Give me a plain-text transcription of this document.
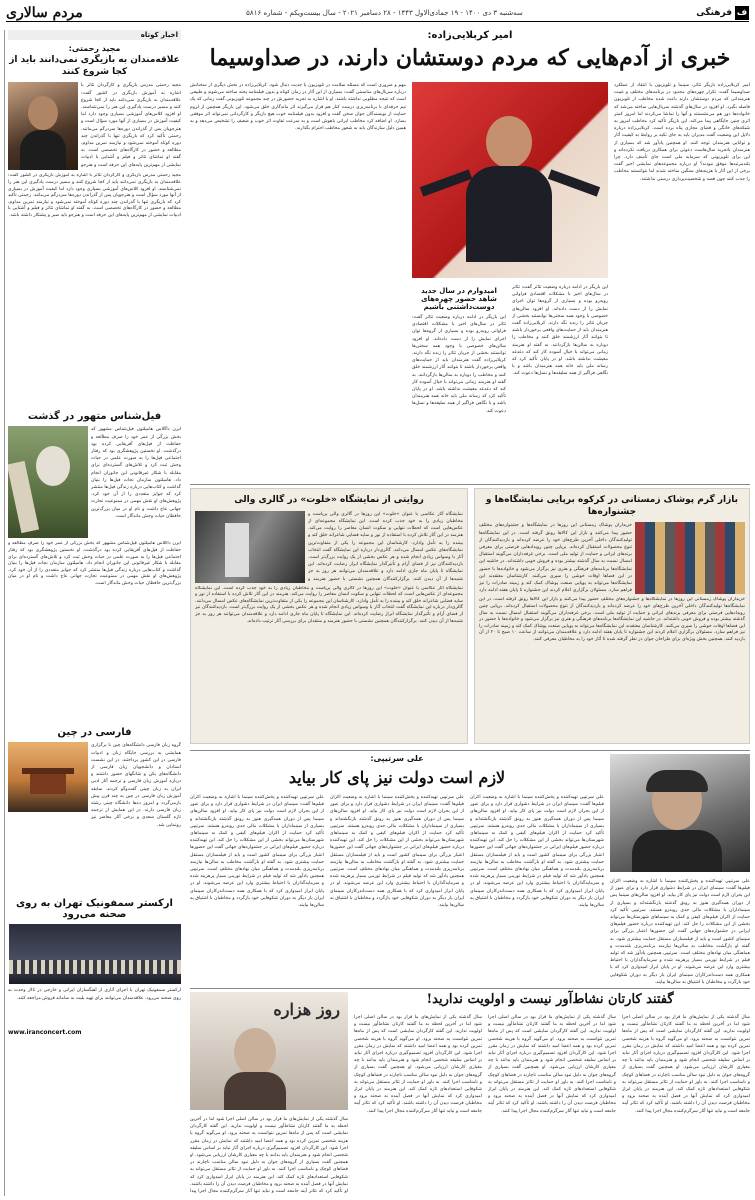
ف
فرهنگی
سه‌شنبه ۳ دی ۱۴۰۰ - ۱۹ جمادی‌الاول ۱۴۴۳ - ۲۸ دسامبر ۲۰۲۱ - سال بیست‌ویکم - شماره ۵۸۱۶
مردم سالاری
اخبار کوتاه
مجید رحمتی:
علاقه‌مندان به بازیگری نمی‌دانند باید از کجا شروع کنند
مجید رحمتی مدرس بازیگری و کارگردان تئاتر با اشاره به آموزش بازیگری در کشور گفت: علاقه‌مندان به بازیگری نمی‌دانند باید از کجا شروع کنند و مسیر درست یادگیری این هنر را نمی‌شناسند. او افزود کلاس‌های آموزشی بسیاری وجود دارد اما کیفیت آموزش در بسیاری از آنها مورد سؤال است و هنرجویان پس از گذراندن دوره‌ها سردرگم می‌مانند. رحمتی تأکید کرد که بازیگری تنها با گذراندن چند دوره کوتاه آموخته نمی‌شود و نیازمند تمرین مداوم، مطالعه و حضور در کارگاه‌های تخصصی است. به گفته او تماشای تئاتر و فیلم و آشنایی با ادبیات نمایشی از مهم‌ترین پایه‌های این حرفه است و هنرجو
مجید رحمتی مدرس بازیگری و کارگردان تئاتر با اشاره به آموزش بازیگری در کشور گفت: علاقه‌مندان به بازیگری نمی‌دانند باید از کجا شروع کنند و مسیر درست یادگیری این هنر را نمی‌شناسند. او افزود کلاس‌های آموزشی بسیاری وجود دارد اما کیفیت آموزش در بسیاری از آنها مورد سؤال است و هنرجویان پس از گذراندن دوره‌ها سردرگم می‌مانند. رحمتی تأکید کرد که بازیگری تنها با گذراندن چند دوره کوتاه آموخته نمی‌شود و نیازمند تمرین مداوم، مطالعه و حضور در کارگاه‌های تخصصی است. به گفته او تماشای تئاتر و فیلم و آشنایی با ادبیات نمایشی از مهم‌ترین پایه‌های این حرفه است و هنرجو باید صبر و پشتکار داشته باشد.
فیل‌شناس متهور در گذشت
ایرن داگلاس هامیلتون فیل‌شناس مشهور که بخش بزرگی از عمر خود را صرف مطالعه و حفاظت از فیل‌های آفریقایی کرده بود درگذشت. او نخستین پژوهشگری بود که رفتار اجتماعی فیل‌ها را به صورت علمی در حیات وحش ثبت کرد و تلاش‌های گسترده‌ای برای مقابله با شکار غیرقانونی این جانوران انجام داد. هامیلتون سازمان نجات فیل‌ها را بنیان گذاشت و کتاب‌هایی درباره زندگی فیل‌ها منتشر کرد که جوایز متعددی را از آن خود کرد. پژوهش‌های او نقش مهمی در ممنوعیت تجارت جهانی عاج داشت و نام او در میان بزرگ‌ترین حافظان حیات وحش ماندگار است.
ایرن داگلاس هامیلتون فیل‌شناس مشهور که بخش بزرگی از عمر خود را صرف مطالعه و حفاظت از فیل‌های آفریقایی کرده بود درگذشت. او نخستین پژوهشگری بود که رفتار اجتماعی فیل‌ها را به صورت علمی در حیات وحش ثبت کرد و تلاش‌های گسترده‌ای برای مقابله با شکار غیرقانونی این جانوران انجام داد. هامیلتون سازمان نجات فیل‌ها را بنیان گذاشت و کتاب‌هایی درباره زندگی فیل‌ها منتشر کرد که جوایز متعددی را از آن خود کرد. پژوهش‌های او نقش مهمی در ممنوعیت تجارت جهانی عاج داشت و نام او در میان بزرگ‌ترین حافظان حیات وحش ماندگار است.
فارسی در چین
گروه زبان فارسی دانشگاه‌های چین با برگزاری همایشی به بررسی جایگاه زبان و ادبیات فارسی در این کشور پرداختند. در این نشست استادان و دانشجویان زبان فارسی از دانشگاه‌های پکن و شانگهای حضور داشتند و درباره آموزش زبان فارسی و ترجمه آثار ادبی ایران به زبان چینی گفت‌وگو کردند. سابقه آموزش زبان فارسی در چین به چند قرن پیش بازمی‌گردد و امروز ده‌ها دانشگاه چینی رشته زبان فارسی دارند. در این همایش از ترجمه تازه گلستان سعدی و برخی آثار معاصر نیز رونمایی شد.
ارکستر سمفونیک تهران به روی صحنه می‌رود
ارکستر سمفونیک تهران با اجرای آثاری از آهنگسازان ایرانی و خارجی در تالار وحدت به روی صحنه می‌رود. علاقه‌مندان می‌توانند برای تهیه بلیت به سامانه فروش مراجعه کنند.
www.iranconcert.com
امیر کربلایی‌زاده:
خبری از آدم‌هایی که مردم دوستشان دارند، در صداوسیما
امیر کربلایی‌زاده بازیگر تئاتر، سینما و تلویزیون با انتقاد از عملکرد صداوسیما گفت: تکرار چهره‌های محدود در برنامه‌های مختلف و غیبت هنرمندانی که مردم دوستشان دارند باعث شده مخاطب از تلویزیون فاصله بگیرد. او افزود در سال‌های گذشته سریال‌هایی ساخته می‌شد که خانواده‌ها دور هم می‌نشستند و آنها را تماشا می‌کردند اما امروز کمتر اثری چنین جایگاهی پیدا می‌کند. این بازیگر تأکید کرد مخاطب امروز به شبکه‌های خانگی و فضای مجازی پناه برده است. کربلایی‌زاده درباره دلایل این وضعیت گفت مدیران باید به جای تکیه بر روابط به کیفیت آثار و توانایی هنرمندان توجه کنند. او همچنین یادآور شد که بسیاری از هنرمندان باتجربه سال‌هاست دعوتی برای همکاری دریافت نکرده‌اند و این برای تلویزیونی که سرمایه ملی است جای تأسف دارد. چرا بلندمرتبه‌ها موفق نبودند؟ او درباره مجموعه‌های نمایشی اخیر گفت برخی از این آثار با هزینه‌های سنگین ساخته شدند اما نتوانستند مخاطب را جذب کنند چون قصه و شخصیت‌پردازی درستی نداشتند.
این بازیگر در ادامه درباره وضعیت تئاتر گفت: تئاتر در سال‌های اخیر با مشکلات اقتصادی فراوانی روبه‌رو بوده و بسیاری از گروه‌ها توان اجرای نمایش را از دست داده‌اند. او افزود سالن‌های خصوصی با وجود همه سختی‌ها توانستند بخشی از جریان تئاتر را زنده نگه دارند. کربلایی‌زاده گفت هنرمندان باید از حمایت‌های واقعی برخوردار باشند تا بتوانند آثار ارزشمند خلق کنند و مخاطب را دوباره به سالن‌ها بازگردانند. به گفته او هنرمند زمانی می‌تواند با خیال آسوده کار کند که دغدغه معیشت نداشته باشد. او در پایان تأکید کرد که رسانه ملی باید خانه همه هنرمندان باشد و با نگاهی فراگیر از همه سلیقه‌ها و نسل‌ها دعوت کند.
امیدوارم در سال جدید شاهد حضور چهره‌های دوست‌داشتنی باشیم
این بازیگر در ادامه درباره وضعیت تئاتر گفت: تئاتر در سال‌های اخیر با مشکلات اقتصادی فراوانی روبه‌رو بوده و بسیاری از گروه‌ها توان اجرای نمایش را از دست داده‌اند. او افزود سالن‌های خصوصی با وجود همه سختی‌ها توانستند بخشی از جریان تئاتر را زنده نگه دارند. کربلایی‌زاده گفت هنرمندان باید از حمایت‌های واقعی برخوردار باشند تا بتوانند آثار ارزشمند خلق کنند و مخاطب را دوباره به سالن‌ها بازگردانند. به گفته او هنرمند زمانی می‌تواند با خیال آسوده کار کند که دغدغه معیشت نداشته باشد. او در پایان تأکید کرد که رسانه ملی باید خانه همه هنرمندان باشد و با نگاهی فراگیر از همه سلیقه‌ها و نسل‌ها دعوت کند.
مهم و ضروری است که مسئله سلامت در تلویزیون با جدیت دنبال شود. کربلایی‌زاده در بخش دیگری از سخنانش درباره سریال‌های مناسبتی گفت: بسیاری از این آثار در زمان کوتاه و بدون فیلمنامه پخته ساخته می‌شوند و طبیعی است که نتیجه مطلوبی نداشته باشند. او با اشاره به تجربه حضورش در چند مجموعه تلویزیونی گفت زمانی که یک تیم حرفه‌ای با برنامه‌ریزی درست کنار هم قرار می‌گیرند اثر ماندگاری خلق می‌شود. این بازیگر همچنین از لزوم حمایت از نویسندگان جوان سخن گفت و افزود بدون فیلمنامه خوب هیچ بازیگر و کارگردانی نمی‌تواند اثر موفقی بسازد. او اضافه کرد مخاطب ایرانی باهوش است و به سرعت تفاوت اثر خوب و ضعیف را تشخیص می‌دهد و به همین دلیل سازندگان باید به شعور مخاطب احترام بگذارند.
بازار گرم پوشاک زمستانی در کرکوه برپایی نمایشگاه‌ها و جشنواره‌ها
خریداران پوشاک زمستانی این روزها در نمایشگاه‌ها و جشنواره‌های مختلف حضور پیدا می‌کنند و بازار این کالاها رونق گرفته است. در این نمایشگاه‌ها تولیدکنندگان داخلی آخرین طرح‌های خود را عرضه کرده‌اند و بازدیدکنندگان از تنوع محصولات استقبال کرده‌اند. برپایی چنین رویدادهایی فرصتی برای معرفی برندهای ایرانی و حمایت از تولید ملی است. برخی غرفه‌داران می‌گویند استقبال امسال نسبت به سال گذشته بیشتر بوده و فروش خوبی داشته‌اند. در حاشیه این نمایشگاه‌ها برنامه‌های فرهنگی و هنری نیز برگزار می‌شود و خانواده‌ها با حضور در این فضاها اوقات خوشی را سپری می‌کنند. کارشناسان معتقدند این نمایشگاه‌ها می‌تواند به پویایی صنعت پوشاک کمک کند و زمینه صادرات را نیز فراهم سازد. مسئولان برگزاری اعلام کردند این جشنواره تا پایان هفته ادامه دارد
خریداران پوشاک زمستانی این روزها در نمایشگاه‌ها و جشنواره‌های مختلف حضور پیدا می‌کنند و بازار این کالاها رونق گرفته است. در این نمایشگاه‌ها تولیدکنندگان داخلی آخرین طرح‌های خود را عرضه کرده‌اند و بازدیدکنندگان از تنوع محصولات استقبال کرده‌اند. برپایی چنین رویدادهایی فرصتی برای معرفی برندهای ایرانی و حمایت از تولید ملی است. برخی غرفه‌داران می‌گویند استقبال امسال نسبت به سال گذشته بیشتر بوده و فروش خوبی داشته‌اند. در حاشیه این نمایشگاه‌ها برنامه‌های فرهنگی و هنری نیز برگزار می‌شود و خانواده‌ها با حضور در این فضاها اوقات خوشی را سپری می‌کنند. کارشناسان معتقدند این نمایشگاه‌ها می‌تواند به پویایی صنعت پوشاک کمک کند و زمینه صادرات را نیز فراهم سازد. مسئولان برگزاری اعلام کردند این جشنواره تا پایان هفته ادامه دارد و علاقه‌مندان می‌توانند از ساعت ۱۰ صبح تا ۲۰ از آن بازدید کنند. همچنین بخش ویژه‌ای برای طراحان جوان در نظر گرفته شده تا آثار خود را به مخاطبان معرفی کنند.
روایتی از نمایشگاه «خلوت» در گالری والی
نمایشگاه آثار عکاسی با عنوان «خلوت» این روزها در گالری والی برپاست و مخاطبان زیادی را به خود جذب کرده است. این نمایشگاه مجموعه‌ای از عکس‌هایی است که لحظات تنهایی و سکوت انسان معاصر را روایت می‌کند. هنرمند در این آثار تلاش کرده با استفاده از نور و سایه فضایی شاعرانه خلق کند و بیننده را به تأمل وادارد. کارشناسان این مجموعه را یکی از متفاوت‌ترین نمایشگاه‌های عکس امسال می‌دانند. گالری‌دار درباره این نمایشگاه گفت انتخاب آثار با وسواس زیادی انجام شده و هر عکس بخشی از یک روایت بزرگ‌تر است. بازدیدکنندگان نیز از فضای آرام و تأثیرگذار نمایشگاه ابراز رضایت کرده‌اند. این نمایشگاه تا پایان ماه جاری ادامه دارد و علاقه‌مندان می‌توانند هر روز به جز شنبه‌ها از آن دیدن کنند. برگزارکنندگان همچنین نشستی با حضور هنرمند و
نمایشگاه آثار عکاسی با عنوان «خلوت» این روزها در گالری والی برپاست و مخاطبان زیادی را به خود جذب کرده است. این نمایشگاه مجموعه‌ای از عکس‌هایی است که لحظات تنهایی و سکوت انسان معاصر را روایت می‌کند. هنرمند در این آثار تلاش کرده با استفاده از نور و سایه فضایی شاعرانه خلق کند و بیننده را به تأمل وادارد. کارشناسان این مجموعه را یکی از متفاوت‌ترین نمایشگاه‌های عکس امسال می‌دانند. گالری‌دار درباره این نمایشگاه گفت انتخاب آثار با وسواس زیادی انجام شده و هر عکس بخشی از یک روایت بزرگ‌تر است. بازدیدکنندگان نیز از فضای آرام و تأثیرگذار نمایشگاه ابراز رضایت کرده‌اند. این نمایشگاه تا پایان ماه جاری ادامه دارد و علاقه‌مندان می‌توانند هر روز به جز شنبه‌ها از آن دیدن کنند. برگزارکنندگان همچنین نشستی با حضور هنرمند و منتقدان برای بررسی آثار ترتیب داده‌اند.
علی سرتیپی:
لازم است دولت نیز پای کار بیاید
علی سرتیپی تهیه‌کننده و پخش‌کننده سینما با اشاره به وضعیت اکران فیلم‌ها گفت: سینمای ایران در شرایط دشواری قرار دارد و برای عبور از این بحران لازم است دولت نیز پای کار بیاید. او افزود سالن‌های سینما پس از دوران همه‌گیری هنوز به رونق گذشته بازنگشته‌اند و بسیاری از سینماداران با مشکلات مالی جدی روبه‌رو هستند. سرتیپی تأکید کرد حمایت از اکران فیلم‌های کیفی و کمک به سینماهای شهرستان‌ها می‌تواند بخشی از این مشکلات را حل کند. این تهیه‌کننده درباره حضور فیلم‌های ایرانی در جشنواره‌های جهانی گفت این حضورها اعتبار بزرگی برای سینمای کشور است و باید از فیلمسازان مستقل حمایت بیشتری شود. به گفته او بازگشت مخاطب به سالن‌ها نیازمند برنامه‌ریزی بلندمدت و هماهنگی میان نهادهای مختلف است. سرتیپی همچنین یادآور شد که تولید فیلم در شرایط تورمی بسیار پرهزینه شده و سرمایه‌گذاران با احتیاط بیشتری وارد این عرصه می‌شوند. او در پایان ابراز امیدواری کرد که با همکاری همه دست‌اندرکاران سینمای ایران بار دیگر به دوران شکوفایی خود بازگردد و مخاطبان با اشتیاق به سالن‌ها بیایند.
علی سرتیپی تهیه‌کننده و پخش‌کننده سینما با اشاره به وضعیت اکران فیلم‌ها گفت: سینمای ایران در شرایط دشواری قرار دارد و برای عبور از این بحران لازم است دولت نیز پای کار بیاید. او افزود سالن‌های سینما پس از دوران همه‌گیری هنوز به رونق گذشته بازنگشته‌اند و بسیاری از سینماداران با مشکلات مالی جدی روبه‌رو هستند. سرتیپی تأکید کرد حمایت از اکران فیلم‌های کیفی و کمک به سینماهای شهرستان‌ها می‌تواند بخشی از این مشکلات را حل کند. این تهیه‌کننده درباره حضور فیلم‌های ایرانی در جشنواره‌های جهانی گفت این حضورها اعتبار بزرگی برای سینمای کشور است و باید از فیلمسازان مستقل حمایت بیشتری شود. به گفته او بازگشت مخاطب به سالن‌ها نیازمند برنامه‌ریزی بلندمدت و هماهنگی میان نهادهای مختلف است. سرتیپی همچنین یادآور شد که تولید فیلم در شرایط تورمی بسیار پرهزینه شده و سرمایه‌گذاران با احتیاط بیشتری وارد این عرصه می‌شوند. او در پایان ابراز امیدواری کرد که با همکاری همه دست‌اندرکاران سینمای ایران بار دیگر به دوران شکوفایی خود بازگردد و مخاطبان با اشتیاق به سالن‌ها بیایند.
علی سرتیپی تهیه‌کننده و پخش‌کننده سینما با اشاره به وضعیت اکران فیلم‌ها گفت: سینمای ایران در شرایط دشواری قرار دارد و برای عبور از این بحران لازم است دولت نیز پای کار بیاید. او افزود سالن‌های سینما پس از دوران همه‌گیری هنوز به رونق گذشته بازنگشته‌اند و بسیاری از سینماداران با مشکلات مالی جدی روبه‌رو هستند. سرتیپی تأکید کرد حمایت از اکران فیلم‌های کیفی و کمک به سینماهای شهرستان‌ها می‌تواند بخشی از این مشکلات را حل کند. این تهیه‌کننده درباره حضور فیلم‌های ایرانی در جشنواره‌های جهانی گفت این حضورها اعتبار بزرگی برای سینمای کشور است و باید از فیلمسازان مستقل حمایت بیشتری شود. به گفته او بازگشت مخاطب به سالن‌ها نیازمند برنامه‌ریزی بلندمدت و هماهنگی میان نهادهای مختلف است. سرتیپی همچنین یادآور شد که تولید فیلم در شرایط تورمی بسیار پرهزینه شده و سرمایه‌گذاران با احتیاط بیشتری وارد این عرصه می‌شوند. او در پایان ابراز امیدواری کرد که با همکاری همه دست‌اندرکاران سینمای ایران بار دیگر به دوران شکوفایی خود بازگردد و مخاطبان با اشتیاق به سالن‌ها بیایند.
علی سرتیپی تهیه‌کننده و پخش‌کننده سینما با اشاره به وضعیت اکران فیلم‌ها گفت: سینمای ایران در شرایط دشواری قرار دارد و برای عبور از این بحران لازم است دولت نیز پای کار بیاید. او افزود سالن‌های سینما پس از دوران همه‌گیری هنوز به رونق گذشته بازنگشته‌اند و بسیاری از سینماداران با مشکلات مالی جدی روبه‌رو هستند. سرتیپی تأکید کرد حمایت از اکران فیلم‌های کیفی و کمک به سینماهای شهرستان‌ها می‌تواند بخشی از این مشکلات را حل کند. این تهیه‌کننده درباره حضور فیلم‌های ایرانی در جشنواره‌های جهانی گفت این حضورها اعتبار بزرگی برای سینمای کشور است و باید از فیلمسازان مستقل حمایت بیشتری شود. به گفته او بازگشت مخاطب به سالن‌ها نیازمند برنامه‌ریزی بلندمدت و هماهنگی میان نهادهای مختلف است. سرتیپی همچنین یادآور شد که تولید فیلم در شرایط تورمی بسیار پرهزینه شده و سرمایه‌گذاران با احتیاط بیشتری وارد این عرصه می‌شوند. او در پایان ابراز امیدواری کرد که با همکاری همه دست‌اندرکاران سینمای ایران بار دیگر به دوران شکوفایی خود بازگردد و مخاطبان با اشتیاق به سالن‌ها بیایند.
گفتند کارتان نشاط‌آور نیست و اولویت ندارید!
سال گذشته یکی از نمایش‌های ما قرار بود در سالن اصلی اجرا شود اما در آخرین لحظه به ما گفتند کارتان نشاط‌آور نیست و اولویت ندارید. این گفته کارگردان نمایشی است که پس از ماه‌ها تمرین نتوانست به صحنه برود. او می‌گوید گروه با هزینه شخصی تمرین کرده بود و همه اعضا امید داشتند که نمایش در زمان مقرر اجرا شود. این کارگردان افزود تصمیم‌گیری درباره اجرای آثار نباید بر اساس سلیقه شخصی انجام شود و هنرمندان باید بدانند با چه معیاری کارشان ارزیابی می‌شود. او همچنین گفت بسیاری از گروه‌های جوان به دلیل نبود سالن مناسب ناچارند در فضاهای کوچک و نامناسب اجرا کنند. به باور او حمایت از تئاتر مستقل می‌تواند به شکوفایی استعدادهای تازه کمک کند. این هنرمند در پایان ابراز امیدواری کرد که نمایش آنها در فصل آینده به صحنه برود و مخاطبان فرصت دیدن آن را داشته باشند. او تأکید کرد که تئاتر آینه جامعه است و نباید تنها آثار سرگرم‌کننده مجال اجرا پیدا کنند.
سال گذشته یکی از نمایش‌های ما قرار بود در سالن اصلی اجرا شود اما در آخرین لحظه به ما گفتند کارتان نشاط‌آور نیست و اولویت ندارید. این گفته کارگردان نمایشی است که پس از ماه‌ها تمرین نتوانست به صحنه برود. او می‌گوید گروه با هزینه شخصی تمرین کرده بود و همه اعضا امید داشتند که نمایش در زمان مقرر اجرا شود. این کارگردان افزود تصمیم‌گیری درباره اجرای آثار نباید بر اساس سلیقه شخصی انجام شود و هنرمندان باید بدانند با چه معیاری کارشان ارزیابی می‌شود. او همچنین گفت بسیاری از گروه‌های جوان به دلیل نبود سالن مناسب ناچارند در فضاهای کوچک و نامناسب اجرا کنند. به باور او حمایت از تئاتر مستقل می‌تواند به شکوفایی استعدادهای تازه کمک کند. این هنرمند در پایان ابراز امیدواری کرد که نمایش آنها در فصل آینده به صحنه برود و مخاطبان فرصت دیدن آن را داشته باشند. او تأکید کرد که تئاتر آینه جامعه است و نباید تنها آثار سرگرم‌کننده مجال اجرا پیدا کنند.
سال گذشته یکی از نمایش‌های ما قرار بود در سالن اصلی اجرا شود اما در آخرین لحظه به ما گفتند کارتان نشاط‌آور نیست و اولویت ندارید. این گفته کارگردان نمایشی است که پس از ماه‌ها تمرین نتوانست به صحنه برود. او می‌گوید گروه با هزینه شخصی تمرین کرده بود و همه اعضا امید داشتند که نمایش در زمان مقرر اجرا شود. این کارگردان افزود تصمیم‌گیری درباره اجرای آثار نباید بر اساس سلیقه شخصی انجام شود و هنرمندان باید بدانند با چه معیاری کارشان ارزیابی می‌شود. او همچنین گفت بسیاری از گروه‌های جوان به دلیل نبود سالن مناسب ناچارند در فضاهای کوچک و نامناسب اجرا کنند. به باور او حمایت از تئاتر مستقل می‌تواند به شکوفایی استعدادهای تازه کمک کند. این هنرمند در پایان ابراز امیدواری کرد که نمایش آنها در فصل آینده به صحنه برود و مخاطبان فرصت دیدن آن را داشته باشند. او تأکید کرد که تئاتر آینه جامعه است و نباید تنها آثار سرگرم‌کننده مجال اجرا پیدا کنند.
روز هزاره
سال گذشته یکی از نمایش‌های ما قرار بود در سالن اصلی اجرا شود اما در آخرین لحظه به ما گفتند کارتان نشاط‌آور نیست و اولویت ندارید. این گفته کارگردان نمایشی است که پس از ماه‌ها تمرین نتوانست به صحنه برود. او می‌گوید گروه با هزینه شخصی تمرین کرده بود و همه اعضا امید داشتند که نمایش در زمان مقرر اجرا شود. این کارگردان افزود تصمیم‌گیری درباره اجرای آثار نباید بر اساس سلیقه شخصی انجام شود و هنرمندان باید بدانند با چه معیاری کارشان ارزیابی می‌شود. او همچنین گفت بسیاری از گروه‌های جوان به دلیل نبود سالن مناسب ناچارند در فضاهای کوچک و نامناسب اجرا کنند. به باور او حمایت از تئاتر مستقل می‌تواند به شکوفایی استعدادهای تازه کمک کند. این هنرمند در پایان ابراز امیدواری کرد که نمایش آنها در فصل آینده به صحنه برود و مخاطبان فرصت دیدن آن را داشته باشند. او تأکید کرد که تئاتر آینه جامعه است و نباید تنها آثار سرگرم‌کننده مجال اجرا پیدا
